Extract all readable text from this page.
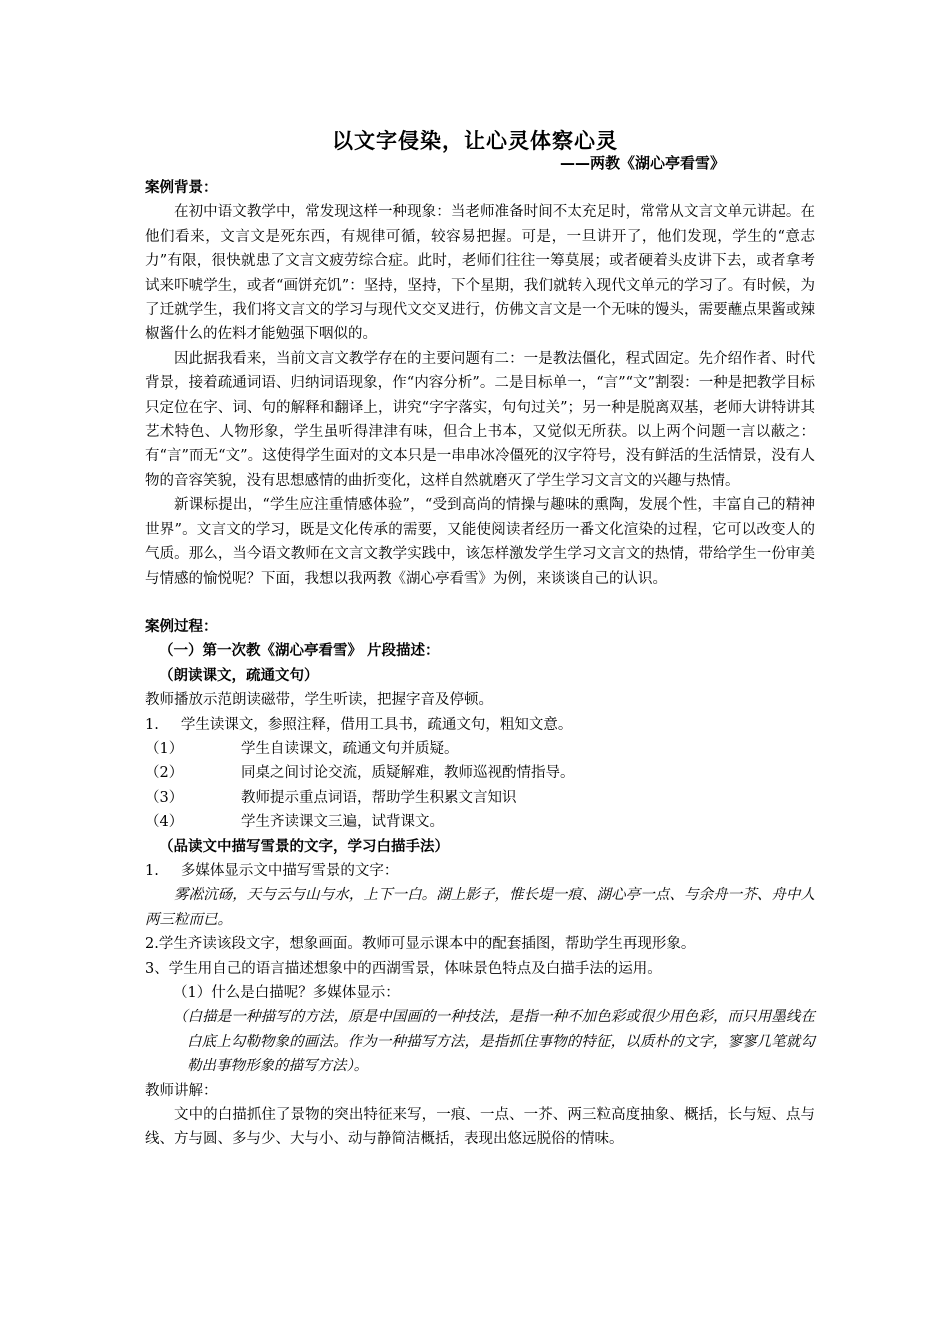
以文字侵染，让心灵体察心灵
——两教《湖心亭看雪》

案例背景：

在初中语文教学中，常发现这样一种现象：当老师准备时间不太充足时，常常从文言文单元讲起。在他们看来，文言文是死东西，有规律可循，较容易把握。可是，一旦讲开了，他们发现，学生的“意志力”有限，很快就患了文言文疲劳综合症。此时，老师们往往一筹莫展；或者硬着头皮讲下去，或者拿考试来吓唬学生，或者“画饼充饥”：坚持，坚持，下个星期，我们就转入现代文单元的学习了。有时候，为了迁就学生，我们将文言文的学习与现代文交叉进行，仿佛文言文是一个无味的馒头，需要蘸点果酱或辣椒酱什么的佐料才能勉强下咽似的。

因此据我看来，当前文言文教学存在的主要问题有二：一是教法僵化，程式固定。先介绍作者、时代背景，接着疏通词语、归纳词语现象，作“内容分析”。二是目标单一，“言”“文”割裂：一种是把教学目标只定位在字、词、句的解释和翻译上，讲究“字字落实，句句过关”；另一种是脱离双基，老师大讲特讲其艺术特色、人物形象，学生虽听得津津有味，但合上书本，又觉似无所获。以上两个问题一言以蔽之：有“言”而无“文”。这使得学生面对的文本只是一串串冰冷僵死的汉字符号，没有鲜活的生活情景，没有人物的音容笑貌，没有思想感情的曲折变化，这样自然就磨灭了学生学习文言文的兴趣与热情。

新课标提出，“学生应注重情感体验”，“受到高尚的情操与趣味的熏陶，发展个性，丰富自己的精神世界”。文言文的学习，既是文化传承的需要，又能使阅读者经历一番文化渲染的过程，它可以改变人的气质。那么，当今语文教师在文言文教学实践中，该怎样激发学生学习文言文的热情，带给学生一份审美与情感的愉悦呢？下面，我想以我两教《湖心亭看雪》为例，来谈谈自己的认识。

案例过程：

（一）第一次教《湖心亭看雪》 片段描述：

（朗读课文，疏通文句）

教师播放示范朗读磁带，学生听读，把握字音及停顿。

1. 学生读课文，参照注释，借用工具书，疏通文句，粗知文意。

（1）	学生自读课文，疏通文句并质疑。
（2）	同桌之间讨论交流，质疑解难，教师巡视酌情指导。
（3）	教师提示重点词语，帮助学生积累文言知识
（4）	学生齐读课文三遍，试背课文。

（品读文中描写雪景的文字，学习白描手法）

1. 多媒体显示文中描写雪景的文字：

雾凇沆砀，天与云与山与水，上下一白。湖上影子，惟长堤一痕、湖心亭一点、与余舟一芥、舟中人两三粒而已。

2.学生齐读该段文字，想象画面。教师可显示课本中的配套插图，帮助学生再现形象。

3、学生用自己的语言描述想象中的西湖雪景，体味景色特点及白描手法的运用。

（1）什么是白描呢？多媒体显示：

（白描是一种描写的方法，原是中国画的一种技法，是指一种不加色彩或很少用色彩，而只用墨线在白底上勾勒物象的画法。作为一种描写方法，是指抓住事物的特征，以质朴的文字，寥寥几笔就勾勒出事物形象的描写方法）。

教师讲解：

文中的白描抓住了景物的突出特征来写，一痕、一点、一芥、两三粒高度抽象、概括，长与短、点与线、方与圆、多与少、大与小、动与静简洁概括，表现出悠远脱俗的情味。
